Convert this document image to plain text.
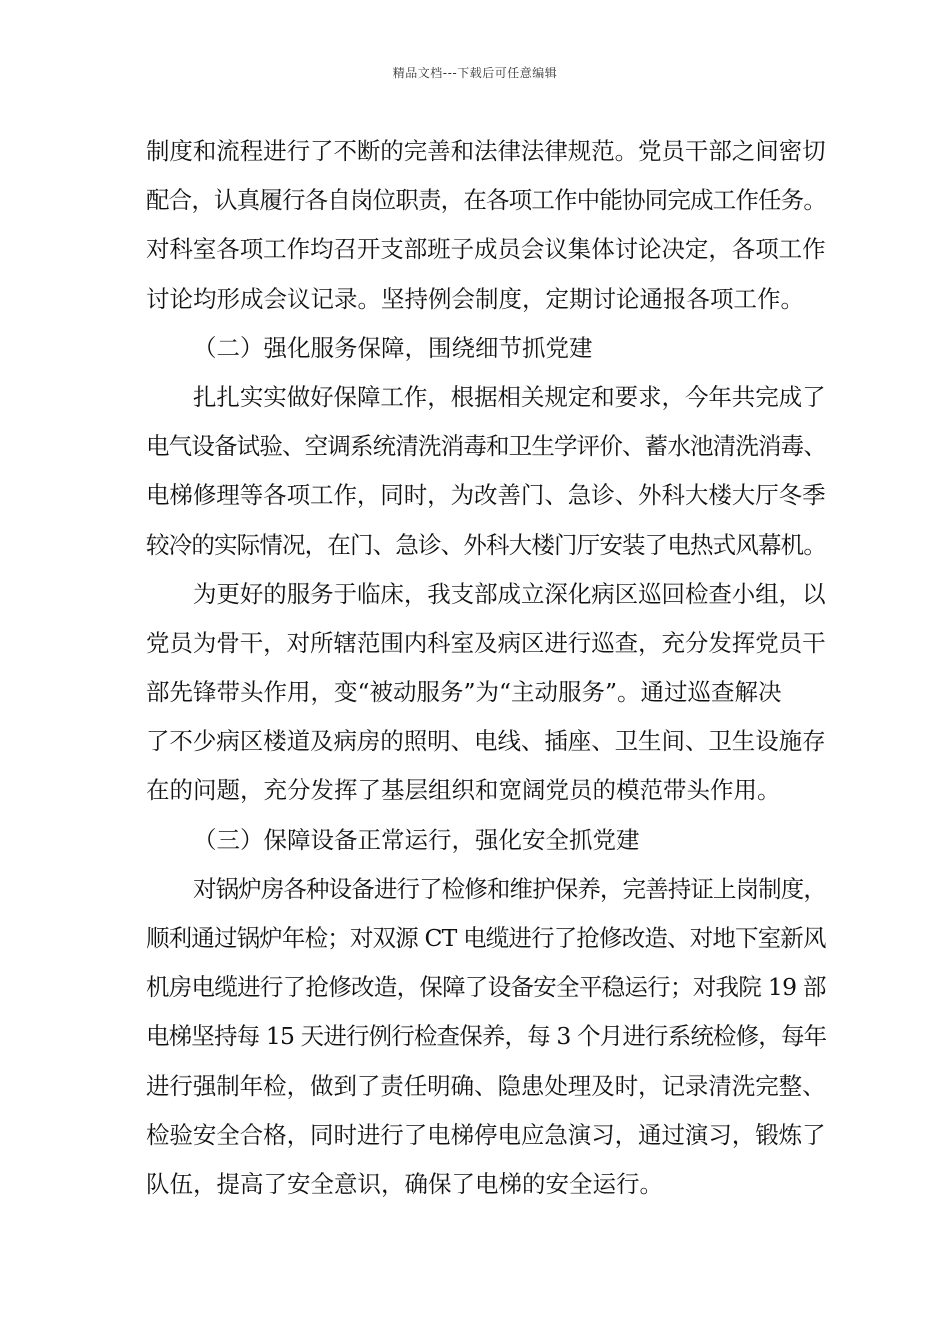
精品文档---下载后可任意编辑
制度和流程进行了不断的完善和法律法律规范。党员干部之间密切
配合，认真履行各自岗位职责，在各项工作中能协同完成工作任务。
对科室各项工作均召开支部班子成员会议集体讨论决定，各项工作
讨论均形成会议记录。坚持例会制度，定期讨论通报各项工作。
（二）强化服务保障，围绕细节抓党建
扎扎实实做好保障工作，根据相关规定和要求，今年共完成了
电气设备试验、空调系统清洗消毒和卫生学评价、蓄水池清洗消毒、
电梯修理等各项工作，同时，为改善门、急诊、外科大楼大厅冬季
较冷的实际情况，在门、急诊、外科大楼门厅安装了电热式风幕机。
为更好的服务于临床，我支部成立深化病区巡回检查小组，以
党员为骨干，对所辖范围内科室及病区进行巡查，充分发挥党员干
部先锋带头作用，变“被动服务”为“主动服务”。通过巡查解决
了不少病区楼道及病房的照明、电线、插座、卫生间、卫生设施存
在的问题，充分发挥了基层组织和宽阔党员的模范带头作用。
（三）保障设备正常运行，强化安全抓党建
对锅炉房各种设备进行了检修和维护保养，完善持证上岗制度，
顺利通过锅炉年检；对双源 CT 电缆进行了抢修改造、对地下室新风
机房电缆进行了抢修改造，保障了设备安全平稳运行；对我院 19 部
电梯坚持每 15 天进行例行检查保养，每 3 个月进行系统检修，每年
进行强制年检，做到了责任明确、隐患处理及时，记录清洗完整、
检验安全合格，同时进行了电梯停电应急演习，通过演习，锻炼了
队伍，提高了安全意识，确保了电梯的安全运行。
